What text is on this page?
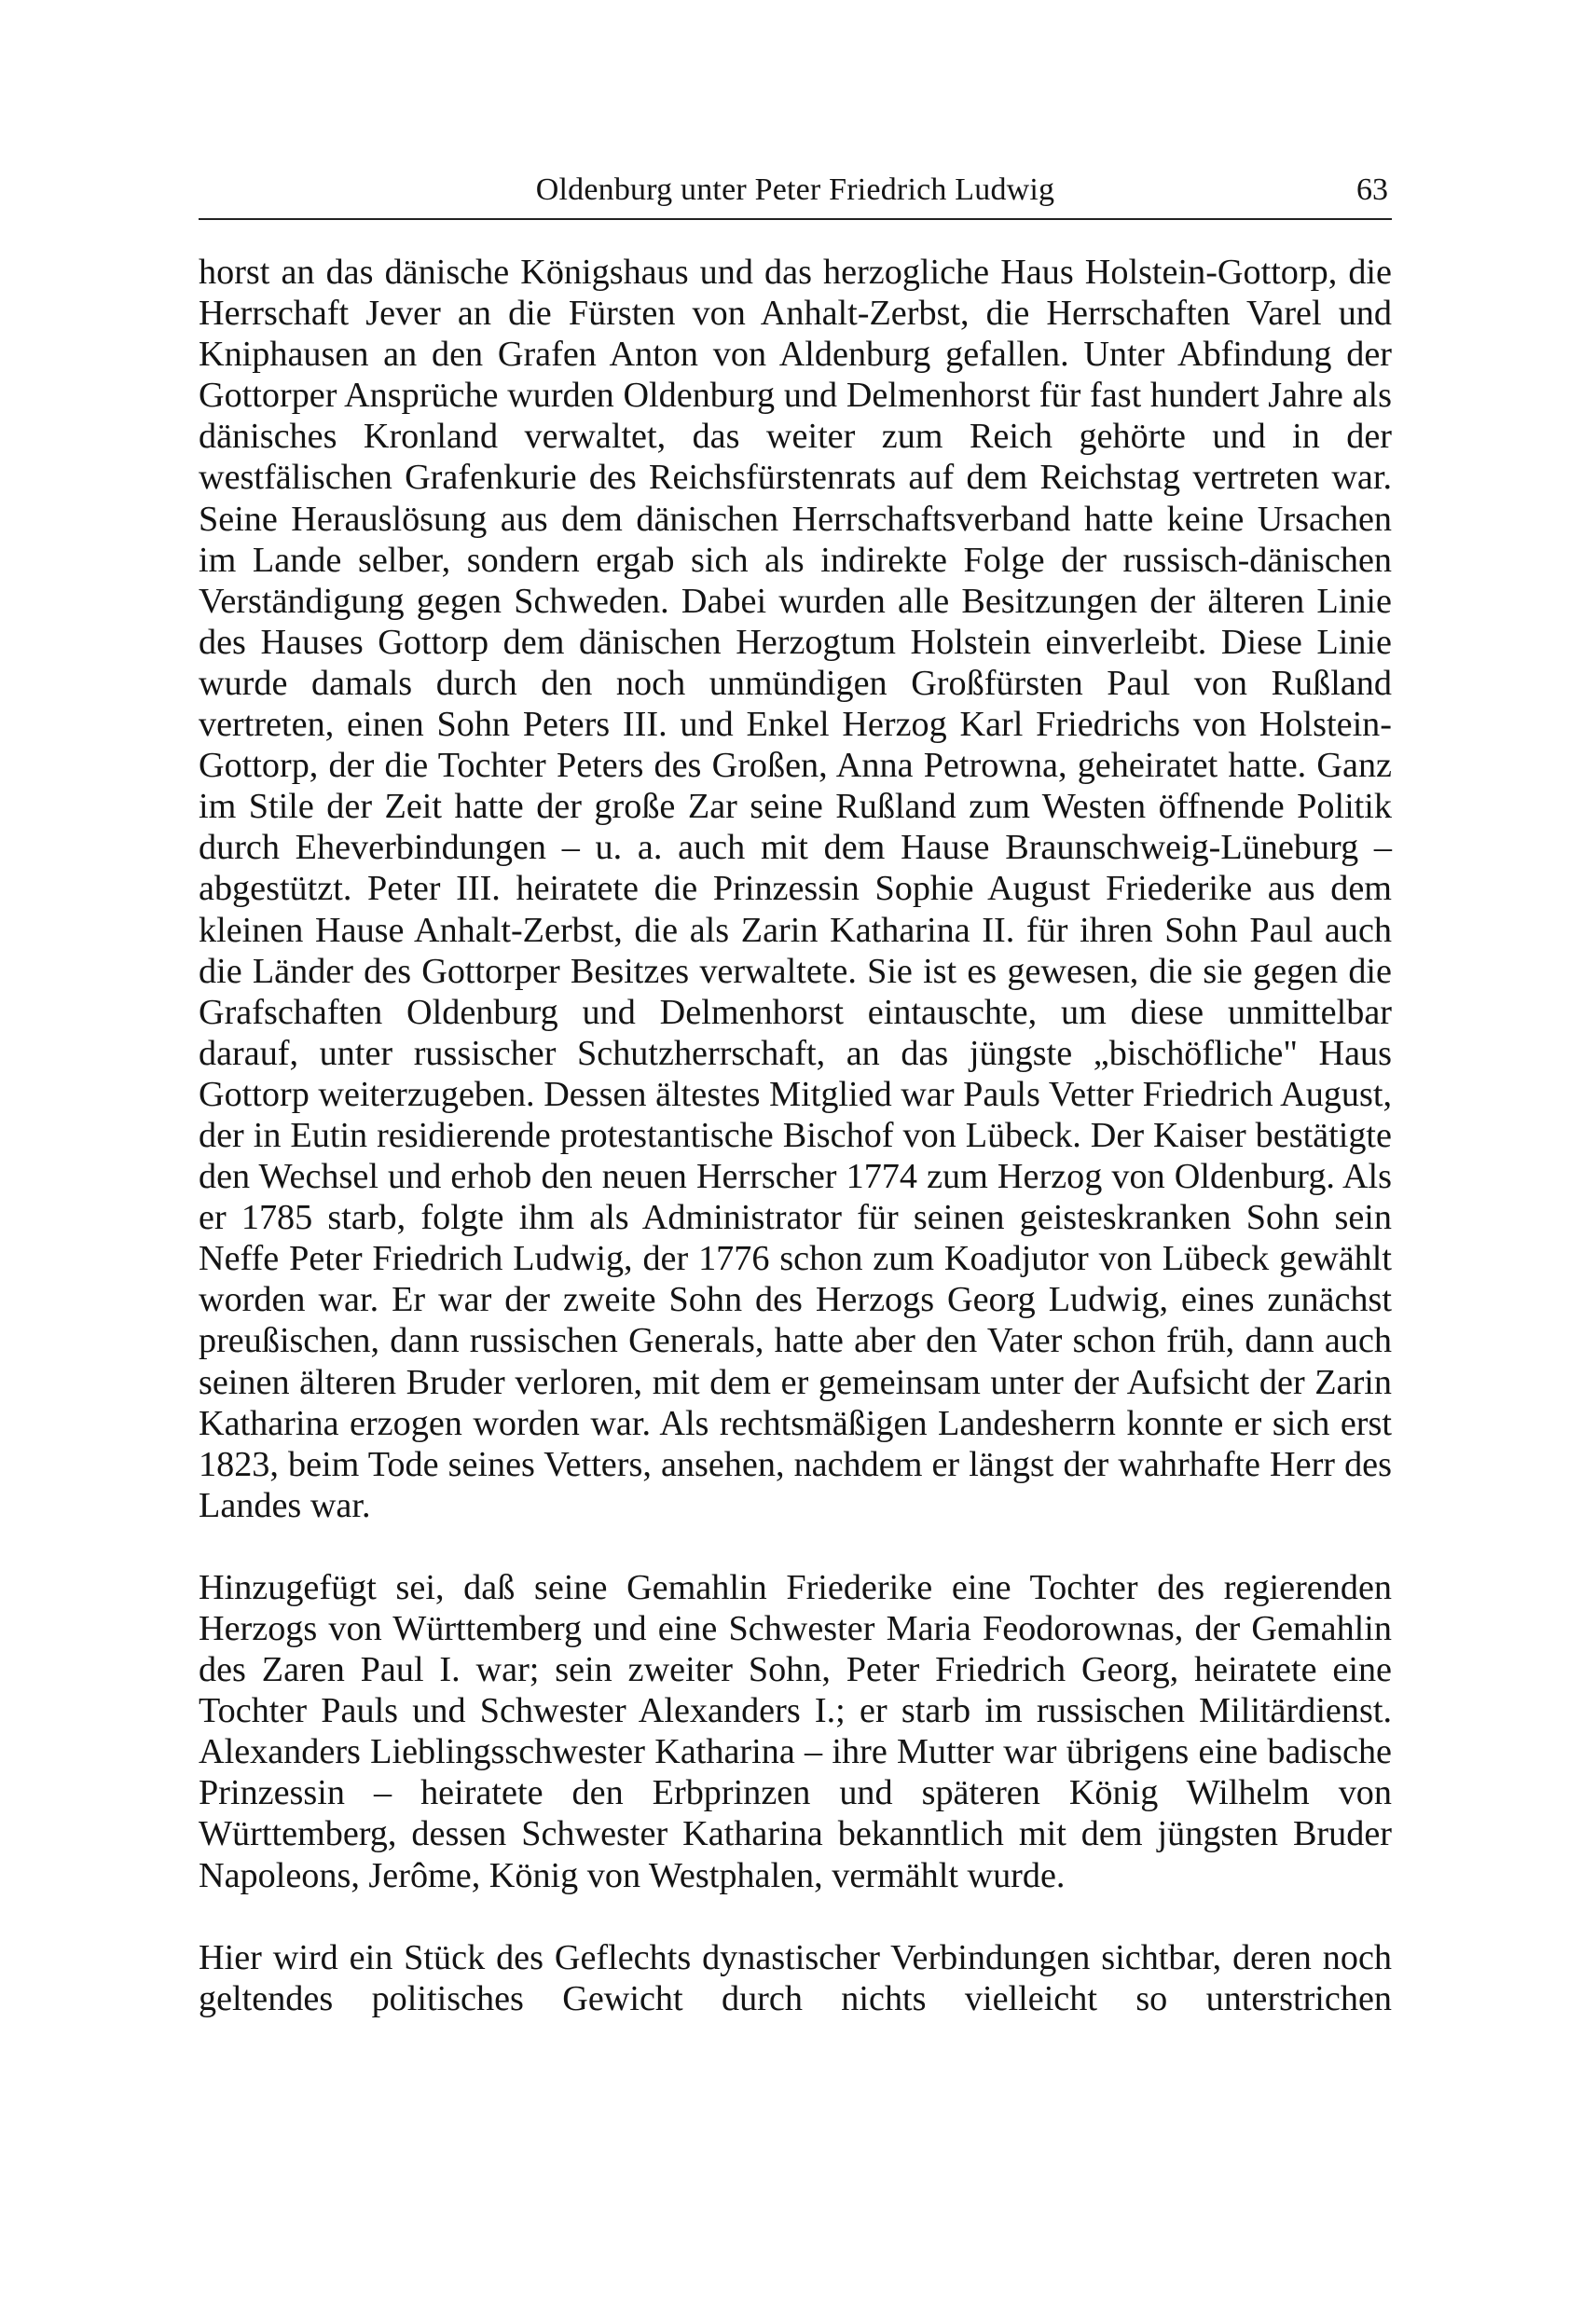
Oldenburg unter Peter Friedrich Ludwig	63

horst an das dänische Königshaus und das herzogliche Haus Holstein-Gottorp, die Herrschaft Jever an die Fürsten von Anhalt-Zerbst, die Herrschaften Varel und Kniphausen an den Grafen Anton von Aldenburg gefallen. Unter Abfindung der Gottorper Ansprüche wurden Oldenburg und Delmenhorst für fast hundert Jahre als dänisches Kronland verwaltet, das weiter zum Reich gehörte und in der westfälischen Grafenkurie des Reichsfürstenrats auf dem Reichstag vertreten war. Seine Herauslösung aus dem dänischen Herrschaftsverband hatte keine Ursachen im Lande selber, sondern ergab sich als indirekte Folge der russisch-dänischen Verständigung gegen Schweden. Dabei wurden alle Besitzungen der älteren Linie des Hauses Gottorp dem dänischen Herzogtum Holstein einverleibt. Diese Linie wurde damals durch den noch unmündigen Großfürsten Paul von Rußland vertreten, einen Sohn Peters III. und Enkel Herzog Karl Friedrichs von Holstein-Gottorp, der die Tochter Peters des Großen, Anna Petrowna, geheiratet hatte. Ganz im Stile der Zeit hatte der große Zar seine Rußland zum Westen öffnende Politik durch Eheverbindungen – u. a. auch mit dem Hause Braunschweig-Lüneburg – abgestützt. Peter III. heiratete die Prinzessin Sophie August Friederike aus dem kleinen Hause Anhalt-Zerbst, die als Zarin Katharina II. für ihren Sohn Paul auch die Länder des Gottorper Besitzes verwaltete. Sie ist es gewesen, die sie gegen die Grafschaften Oldenburg und Delmenhorst eintauschte, um diese unmittelbar darauf, unter russischer Schutzherrschaft, an das jüngste „bischöfliche" Haus Gottorp weiterzugeben. Dessen ältestes Mitglied war Pauls Vetter Friedrich August, der in Eutin residierende protestantische Bischof von Lübeck. Der Kaiser bestätigte den Wechsel und erhob den neuen Herrscher 1774 zum Herzog von Oldenburg. Als er 1785 starb, folgte ihm als Administrator für seinen geisteskranken Sohn sein Neffe Peter Friedrich Ludwig, der 1776 schon zum Koadjutor von Lübeck gewählt worden war. Er war der zweite Sohn des Herzogs Georg Ludwig, eines zunächst preußischen, dann russischen Generals, hatte aber den Vater schon früh, dann auch seinen älteren Bruder verloren, mit dem er gemeinsam unter der Aufsicht der Zarin Katharina erzogen worden war. Als rechtsmäßigen Landesherrn konnte er sich erst 1823, beim Tode seines Vetters, ansehen, nachdem er längst der wahrhafte Herr des Landes war.

Hinzugefügt sei, daß seine Gemahlin Friederike eine Tochter des regierenden Herzogs von Württemberg und eine Schwester Maria Feodorownas, der Gemahlin des Zaren Paul I. war; sein zweiter Sohn, Peter Friedrich Georg, heiratete eine Tochter Pauls und Schwester Alexanders I.; er starb im russischen Militärdienst. Alexanders Lieblingsschwester Katharina – ihre Mutter war übrigens eine badische Prinzessin – heiratete den Erbprinzen und späteren König Wilhelm von Württemberg, dessen Schwester Katharina bekanntlich mit dem jüngsten Bruder Napoleons, Jerôme, König von Westphalen, vermählt wurde.

Hier wird ein Stück des Geflechts dynastischer Verbindungen sichtbar, deren noch geltendes politisches Gewicht durch nichts vielleicht so unterstrichen
